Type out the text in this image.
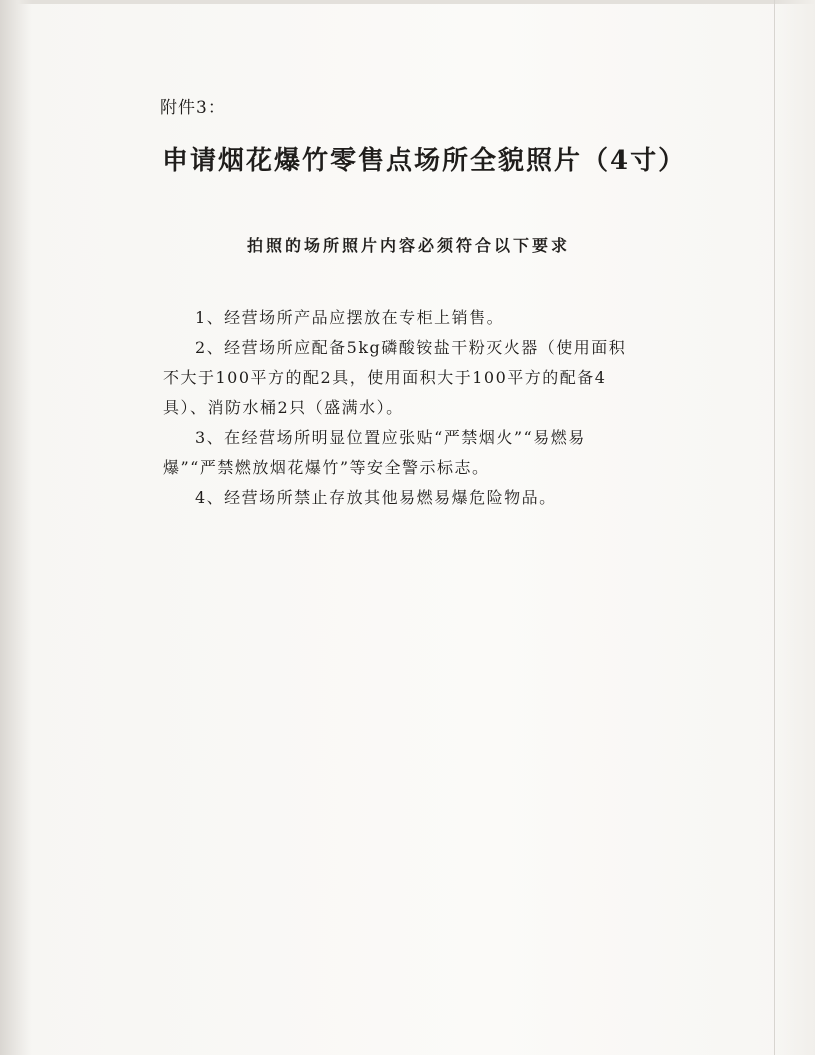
附件3：
申请烟花爆竹零售点场所全貌照片（4寸）
拍照的场所照片内容必须符合以下要求

1、经营场所产品应摆放在专柜上销售。

2、经营场所应配备5kg磷酸铵盐干粉灭火器（使用面积不大于100平方的配2具，使用面积大于100平方的配备4具）、消防水桶2只（盛满水）。

3、在经营场所明显位置应张贴“严禁烟火”“易燃易爆”“严禁燃放烟花爆竹”等安全警示标志。

4、经营场所禁止存放其他易燃易爆危险物品。
